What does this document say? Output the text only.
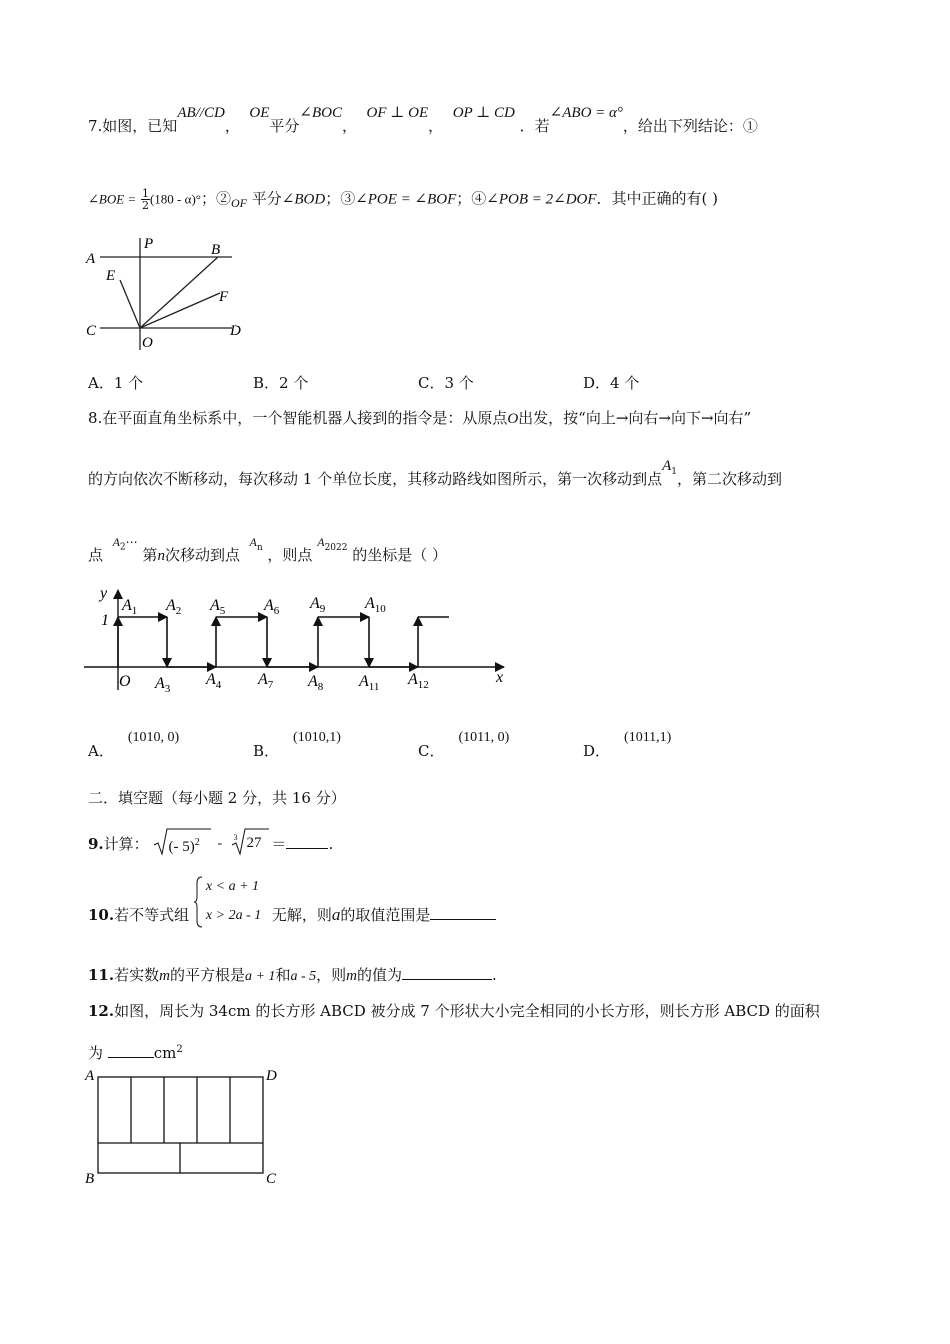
7.如图，已知AB//CD，  OE平分∠BOC，  OF ⊥ OE，  OP ⊥ CD ．若∠ABO = α°，给出下列结论：①
∠BOE = $\frac{1}{2} (180 - \alpha)^\circ$；$②_{OF}$ 平分∠BOD；③∠POE = ∠BOF；④∠POB = 2∠DOF．其中正确的有( )
A
P	B
E
F
C
O
D
A．1 个	B．2 个	C．3 个	D．4 个
8.在平面直角坐标系中，一个智能机器人接到的指令是：从原点O出发，按“向上→向右→向下→向右”
的方向依次不断移动，每次移动 1 个单位长度，其移动路线如图所示，第一次移动到点$A_1$，第二次移动到
点  $^{A_2\cdots}$ 第n次移动到点  $A_n$ ，则点 $A_{2022}$ 的坐标是（ ）
y
x
1
O
$A_1$ $A_2$
$A_3$
$A_4$
$A_5$ $A_6$
$A_7$ $A_8$
$A_9$ $A_{10}$
$A_{11}$ $A_{12}$
A．(1010, 0)
B．(1010,1)
C．(1011, 0)
D．(1011,1)
二．填空题（每小题 2 分，共 16 分）
9.计算： (- 5)$^2$ - 3 27 ＝	.
10.若不等式组
x < a + 1
x > 2a - 1 无解，则a的取值范围是
11.若实数m的平方根是a + 1和a - 5，则m的值为	.
12.如图，周长为 34cm 的长方形 ABCD 被分成 7 个形状大小完全相同的小长方形，则长方形 ABCD 的面积
为	$cm^2$
A	D
B	C
